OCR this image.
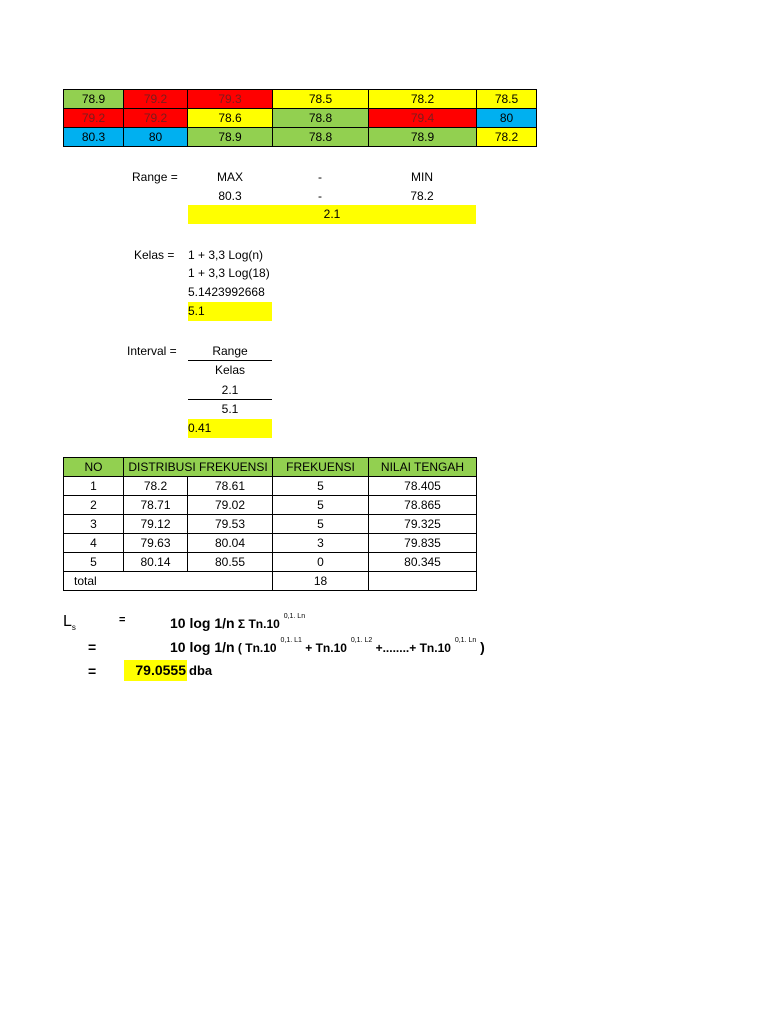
78.9	79.2	79.3	78.5	78.2	78.5
79.2	79.2	78.6	78.8	79.4	80
80.3	80	78.9	78.8	78.9	78.2
Range =	MAX	-	MIN
80.3	-	78.2
2.1
Kelas = 1 + 3,3 Log(n)
1 + 3,3 Log(18)
5.1423992668
5.1
Interval =	Range
Kelas
2.1
5.1
0.41
NO	DISTRIBUSI FREKUENSI		FREKUENSI	NILAI TENGAH
1	78.2	78.61	5	78.405
2	78.71	79.02	5	78.865
3	79.12	79.53	5	79.325
4	79.63	80.04	3	79.835
5	80.14	80.55	0	80.345
total			18	
$L_s$
=	10 log 1/n Σ Tn.10 $^{0,1. Ln}$
=	10 log 1/n ( Tn.10 $^{0,1. L1}$ + Tn.10 $^{0,1. L2}$ +........+ Tn.10 $^{0,1. Ln}$ )
=	79.0555 dba
